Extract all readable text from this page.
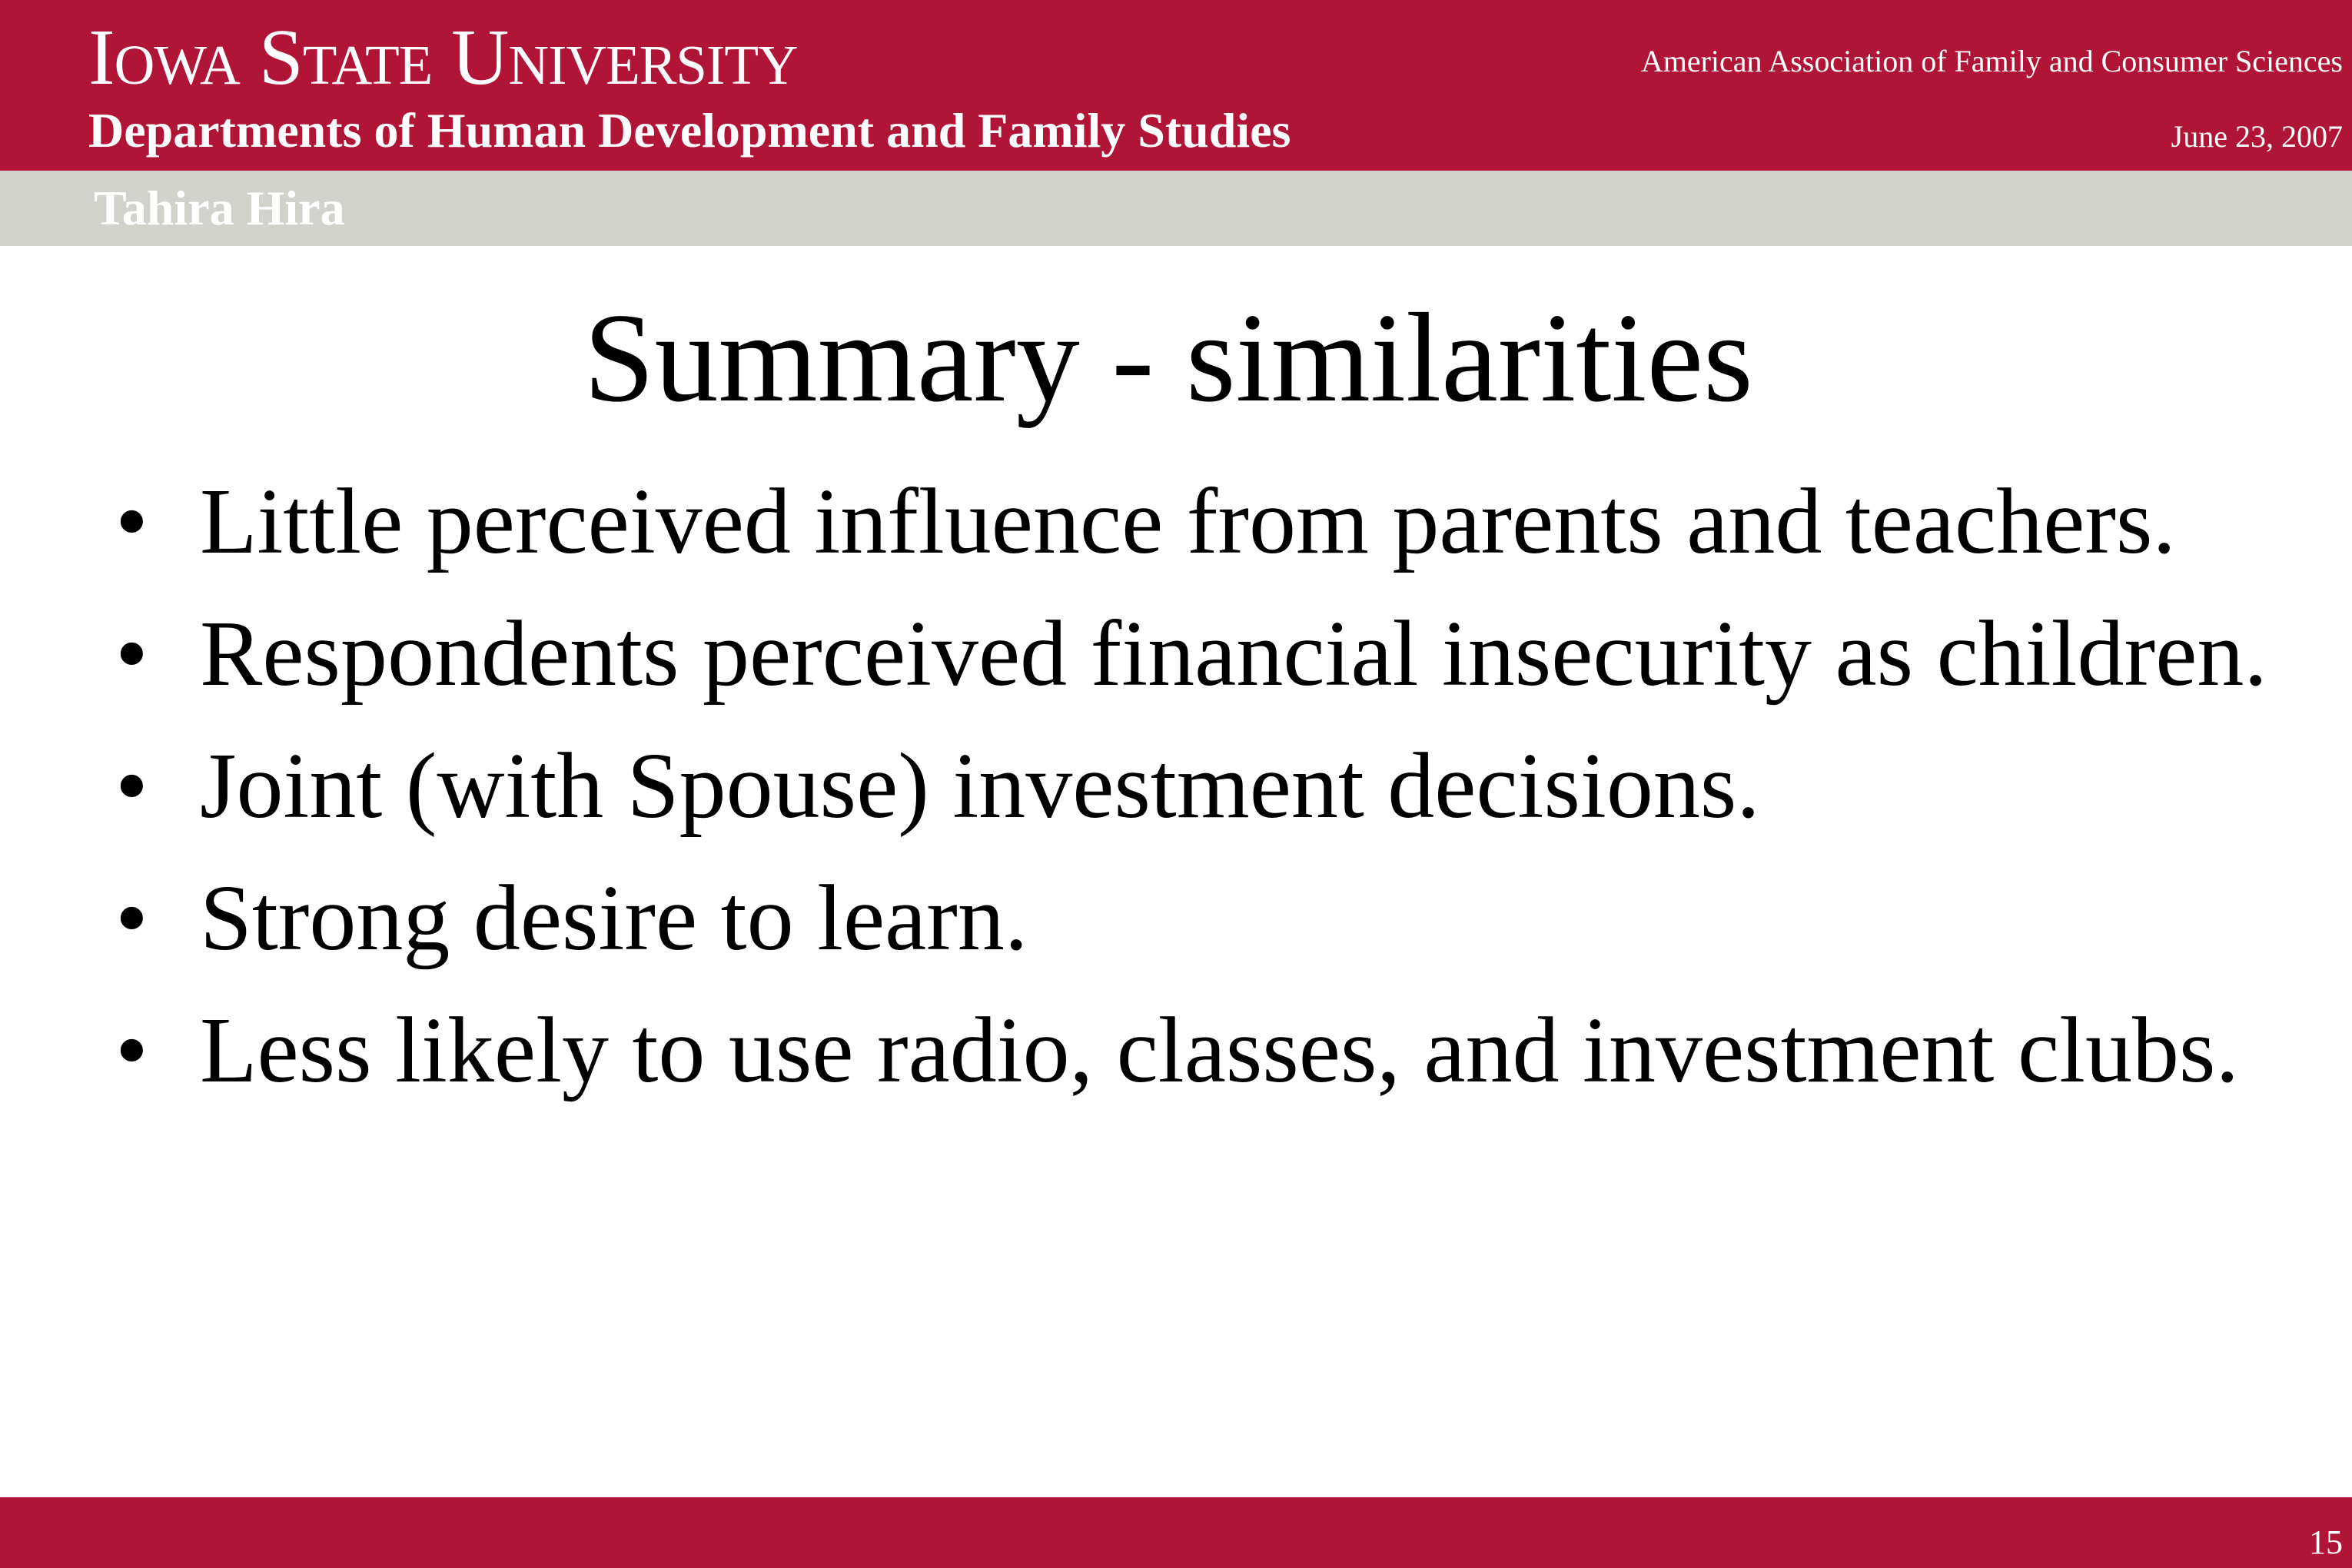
Iowa State University
Departments of Human Development and Family Studies
American Association of Family and Consumer Sciences
June 23, 2007
Tahira Hira
Summary - similarities
• Little perceived influence from parents and teachers.
• Respondents perceived financial insecurity as children.
• Joint (with Spouse) investment decisions.
• Strong desire to learn.
• Less likely to use radio, classes, and investment clubs.
15
